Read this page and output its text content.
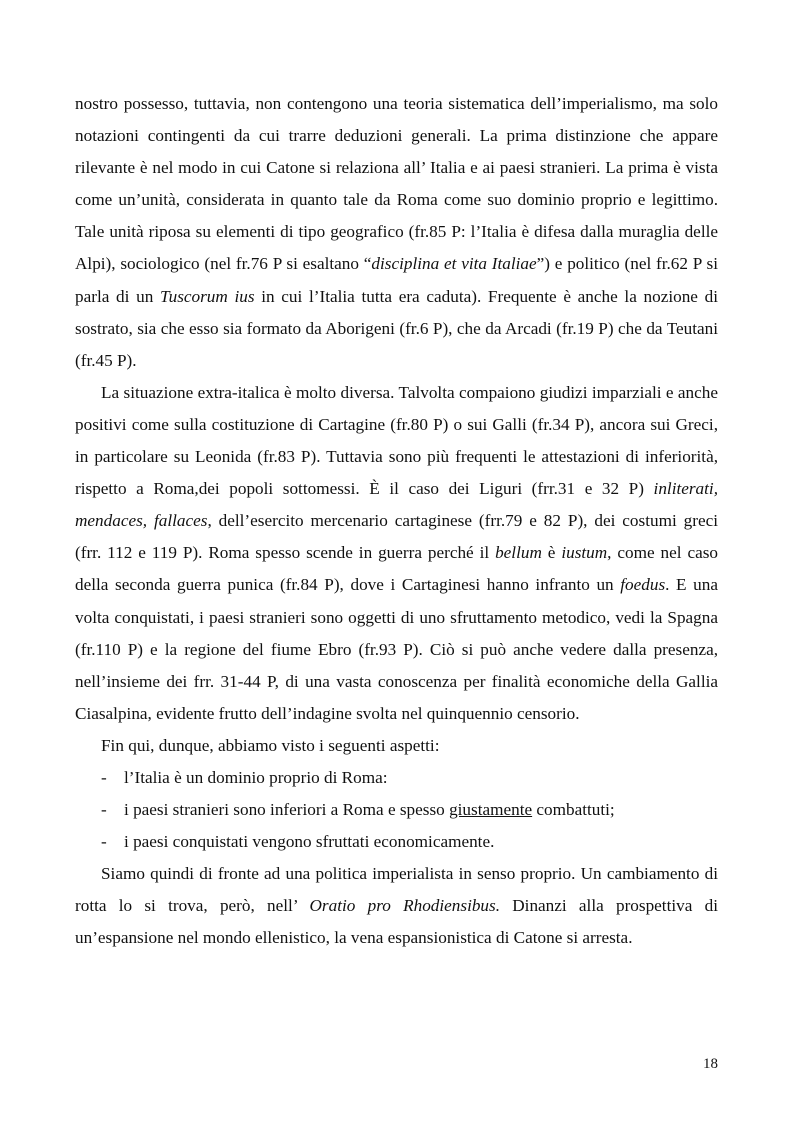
nostro possesso, tuttavia, non contengono una teoria sistematica dell’imperialismo, ma solo notazioni contingenti da cui trarre deduzioni generali. La prima distinzione che appare rilevante è nel modo in cui Catone si relaziona all’ Italia e ai paesi stranieri. La prima è vista come un’unità, considerata in quanto tale da Roma come suo dominio proprio e legittimo. Tale unità riposa su elementi di tipo geografico (fr.85 P: l’Italia è difesa dalla muraglia delle Alpi), sociologico (nel fr.76 P si esaltano “disciplina et vita Italiae”) e politico (nel fr.62 P si parla di un Tuscorum ius in cui l’Italia tutta era caduta). Frequente è anche la nozione di sostrato, sia che esso sia formato da Aborigeni (fr.6 P), che da Arcadi (fr.19 P) che da Teutani (fr.45 P).

La situazione extra-italica è molto diversa. Talvolta compaiono giudizi imparziali e anche positivi come sulla costituzione di Cartagine (fr.80 P) o sui Galli (fr.34 P), ancora sui Greci, in particolare su Leonida (fr.83 P). Tuttavia sono più frequenti le attestazioni di inferiorità, rispetto a Roma,dei popoli sottomessi. È il caso dei Liguri (frr.31 e 32 P) inliterati, mendaces, fallaces, dell’esercito mercenario cartaginese (frr.79 e 82 P), dei costumi greci (frr. 112 e 119 P). Roma spesso scende in guerra perché il bellum è iustum, come nel caso della seconda guerra punica (fr.84 P), dove i Cartaginesi hanno infranto un foedus. E una volta conquistati, i paesi stranieri sono oggetti di uno sfruttamento metodico, vedi la Spagna (fr.110 P) e la regione del fiume Ebro (fr.93 P). Ciò si può anche vedere dalla presenza, nell’insieme dei frr. 31-44 P, di una vasta conoscenza per finalità economiche della Gallia Ciasalpina, evidente frutto dell’indagine svolta nel quinquennio censorio.

Fin qui, dunque, abbiamo visto i seguenti aspetti:

- l’Italia è un dominio proprio di Roma:
- i paesi stranieri sono inferiori a Roma e spesso giustamente combattuti;
- i paesi conquistati vengono sfruttati economicamente.

Siamo quindi di fronte ad una politica imperialista in senso proprio. Un cambiamento di rotta lo si trova, però, nell’ Oratio pro Rhodiensibus. Dinanzi alla prospettiva di un’espansione nel mondo ellenistico, la vena espansionistica di Catone si arresta.

18
